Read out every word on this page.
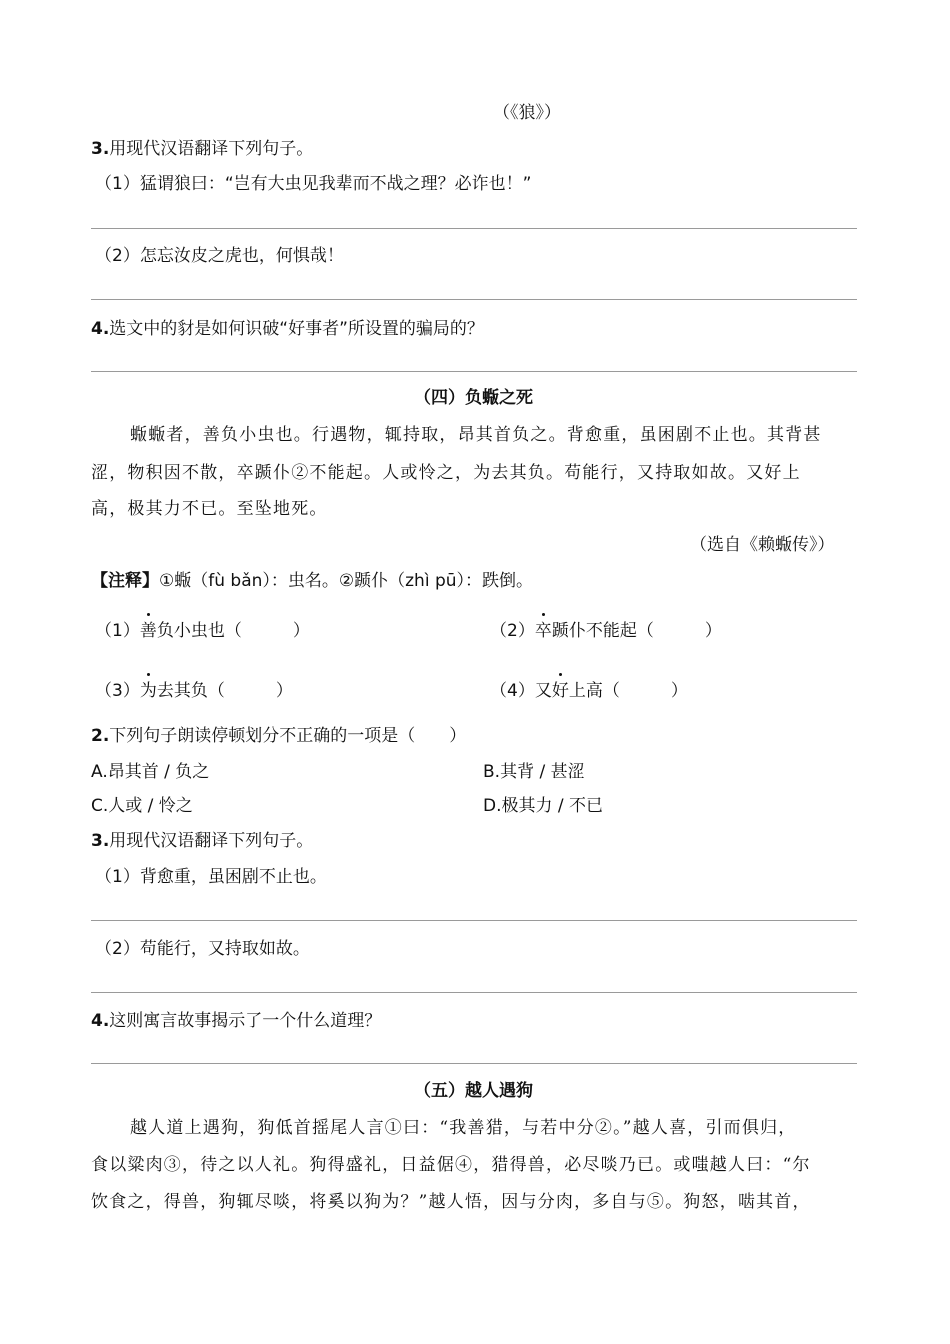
（《狼》）
3.用现代汉语翻译下列句子。
（1）猛谓狼曰：“岂有大虫见我辈而不战之理？必诈也！”
（2）怎忘汝皮之虎也，何惧哉！
4.选文中的豺是如何识破“好事者”所设置的骗局的？
（四）负蝂之死
蝂蝂者，善负小虫也。行遇物，辄持取，昂其首负之。背愈重，虽困剧不止也。其背甚
涩，物积因不散，卒踬仆②不能起。人或怜之，为去其负。苟能行，又持取如故。又好上
高，极其力不已。至坠地死。
（选自《赖蝂传》）
【注释】①蝂（fù bǎn）：虫名。②踬仆（zhì pū）：跌倒。
（1）善负小虫也（　　　）	（2）卒踬仆不能起（　　　）
（3）为去其负（　　　）	（4）又好上高（　　　）
2.下列句子朗读停顿划分不正确的一项是（　　）
A.昂其首 / 负之	B.其背 / 甚涩
C.人或 / 怜之	D.极其力 / 不已
3.用现代汉语翻译下列句子。
（1）背愈重，虽困剧不止也。
（2）苟能行，又持取如故。
4.这则寓言故事揭示了一个什么道理？
（五）越人遇狗
越人道上遇狗，狗低首摇尾人言①曰：“我善猎，与若中分②。”越人喜，引而俱归，
食以粱肉③，待之以人礼。狗得盛礼，日益倨④，猎得兽，必尽啖乃已。或嗤越人曰：“尔
饮食之，得兽，狗辄尽啖，将奚以狗为？”越人悟，因与分肉，多自与⑤。狗怒，啮其首，
